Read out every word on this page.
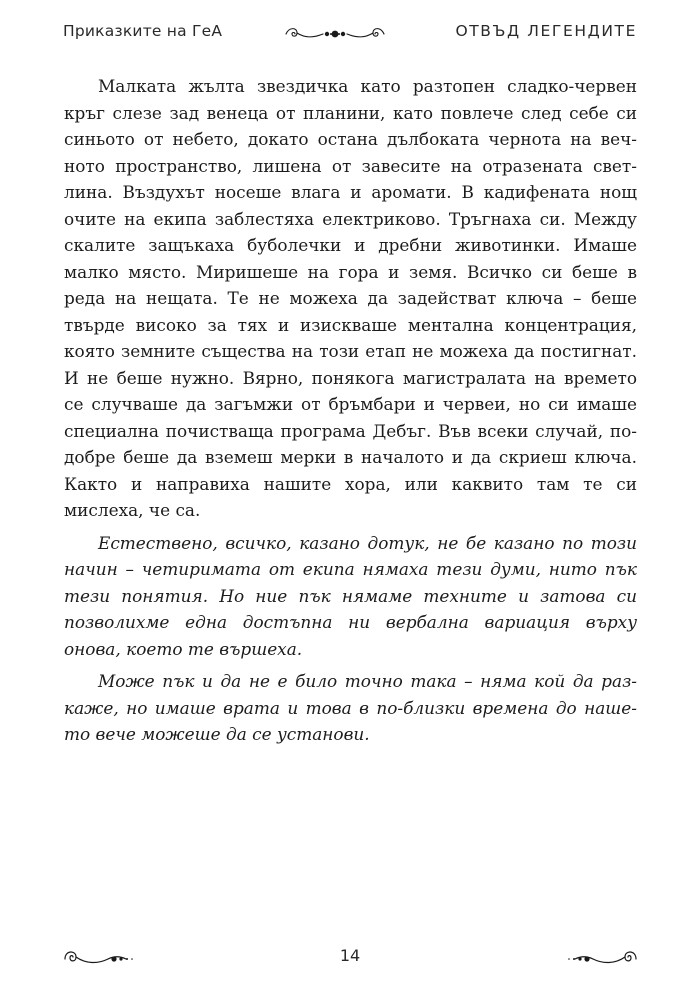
Приказките на ГеА	ОТВЪД ЛЕГЕНДИТЕ

Малката жълта звездичка като разтопен сладко-червен кръг слезе зад венеца от планини, като повлече след себе си синьото от небето, докато остана дълбоката чернота на вечното пространство, лишена от завесите на отразената светлина. Въздухът носеше влага и аромати. В кадифената нощ очите на екипа заблестяха електриково. Тръгнаха си. Между скалите защъкаха буболечки и дребни животинки. Имаше малко място. Миришеше на гора и земя. Всичко си беше в реда на нещата. Те не можеха да задействат ключа – беше твърде високо за тях и изискваше ментална концентрация, която земните същества на този етап не можеха да постигнат. И не беше нужно. Вярно, понякога магистралата на времето се случваше да загъмжи от бръмбари и червеи, но си имаше специална почистваща програма Дебъг. Във всеки случай, по-добре беше да вземеш мерки в началото и да скриеш ключа. Както и направиха нашите хора, или каквито там те си мислеха, че са.

Естествено, всичко, казано дотук, не бе казано по този начин – четиримата от екипа нямаха тези думи, нито пък тези понятия. Но ние пък нямаме техните и затова си позволихме една достъпна ни вербална вариация върху онова, което те вършеха.

Може пък и да не е било точно така – няма кой да разкаже, но имаше врата и това в по-близки времена до нашето вече можеше да се установи.

14
